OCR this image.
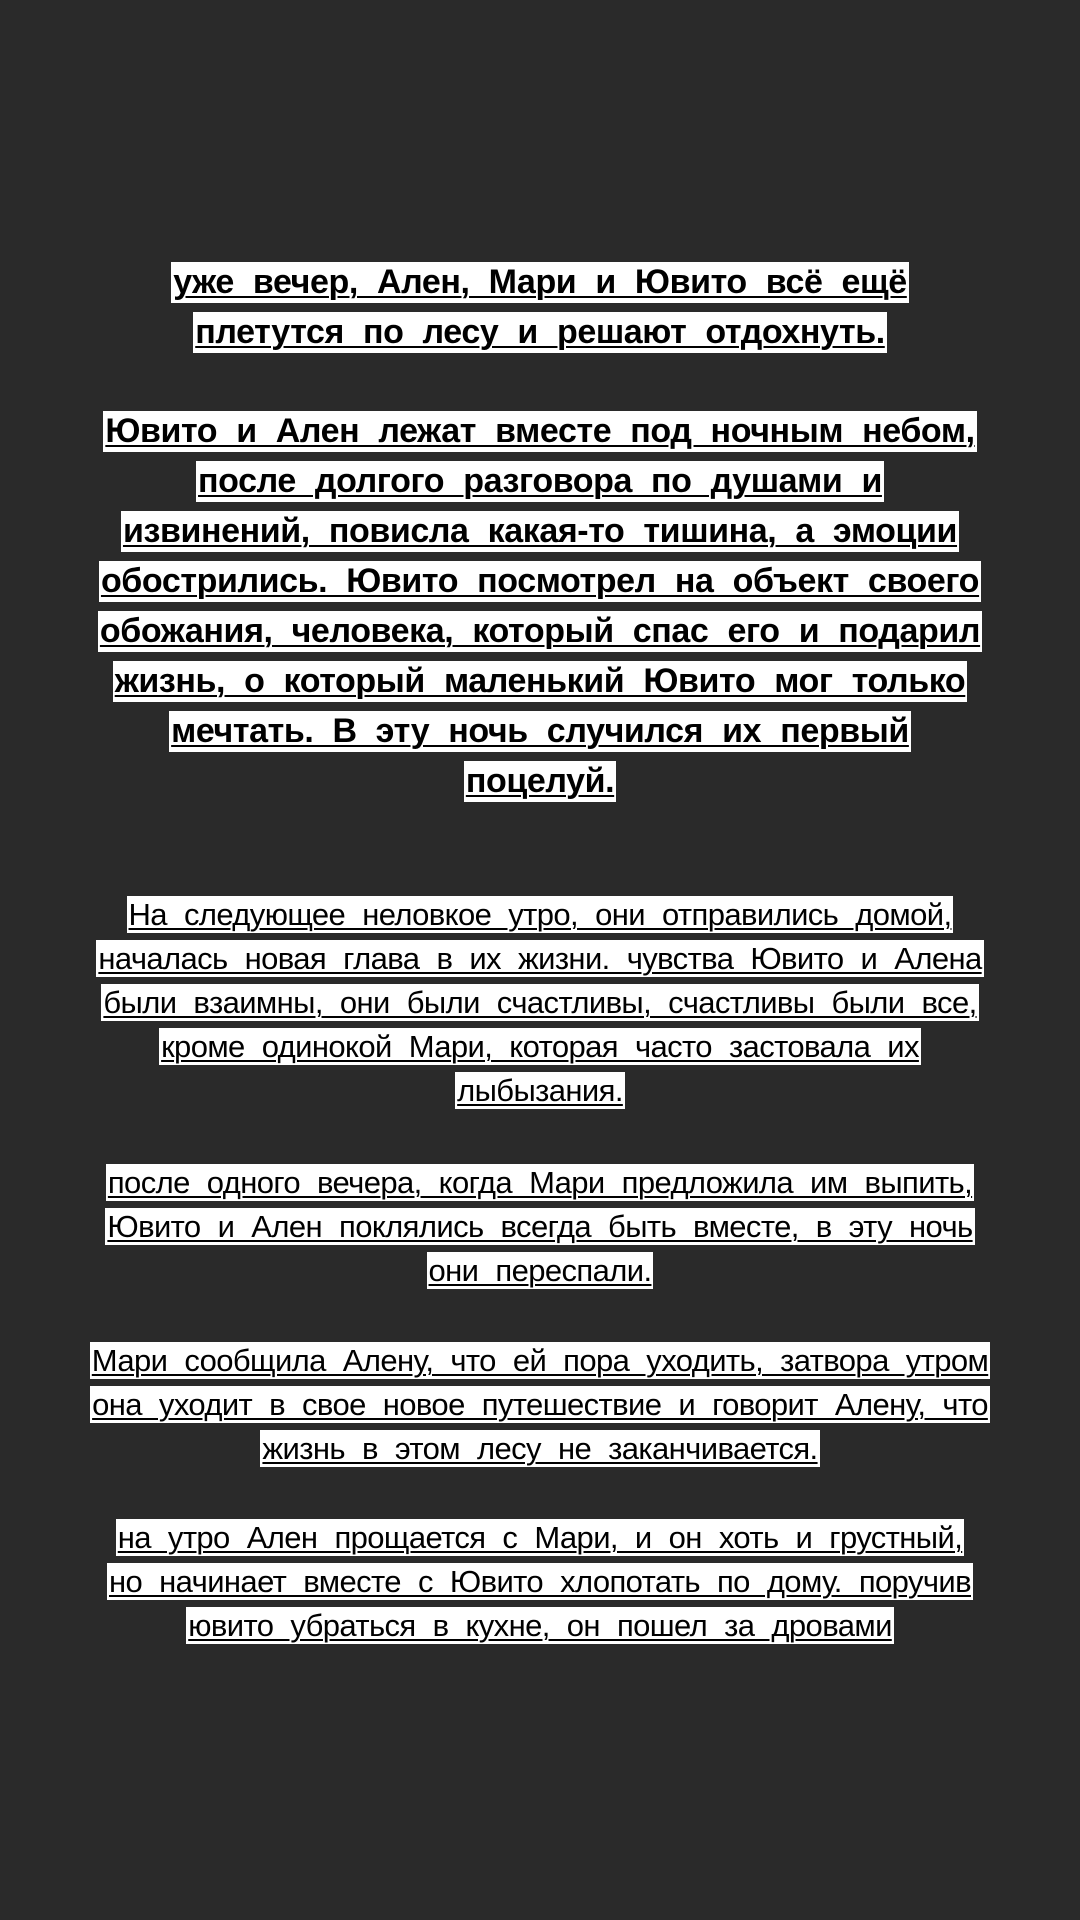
уже вечер, Ален, Мари и Ювито всё ещё
плетутся по лесу и решают отдохнуть.
Ювито и Ален лежат вместе под ночным небом,
после долгого разговора по душами и
извинений, повисла какая-то тишина, а эмоции
обострились. Ювито посмотрел на объект своего
обожания, человека, который спас его и подарил
жизнь, о который маленький Ювито мог только
мечтать. В эту ночь случился их первый
поцелуй.
На следующее неловкое утро, они отправились домой,
началась новая глава в их жизни. чувства Ювито и Алена
были взаимны, они были счастливы, счастливы были все,
кроме одинокой Мари, которая часто застовала их
лыбызания.
после одного вечера, когда Мари предложила им выпить,
Ювито и Ален поклялись всегда быть вместе, в эту ночь
они переспали.
Мари сообщила Алену, что ей пора уходить, затвора утром
она уходит в свое новое путешествие и говорит Алену, что
жизнь в этом лесу не заканчивается.
на утро Ален прощается с Мари, и он хоть и грустный,
но начинает вместе с Ювито хлопотать по дому. поручив
ювито убраться в кухне, он пошел за дровами
